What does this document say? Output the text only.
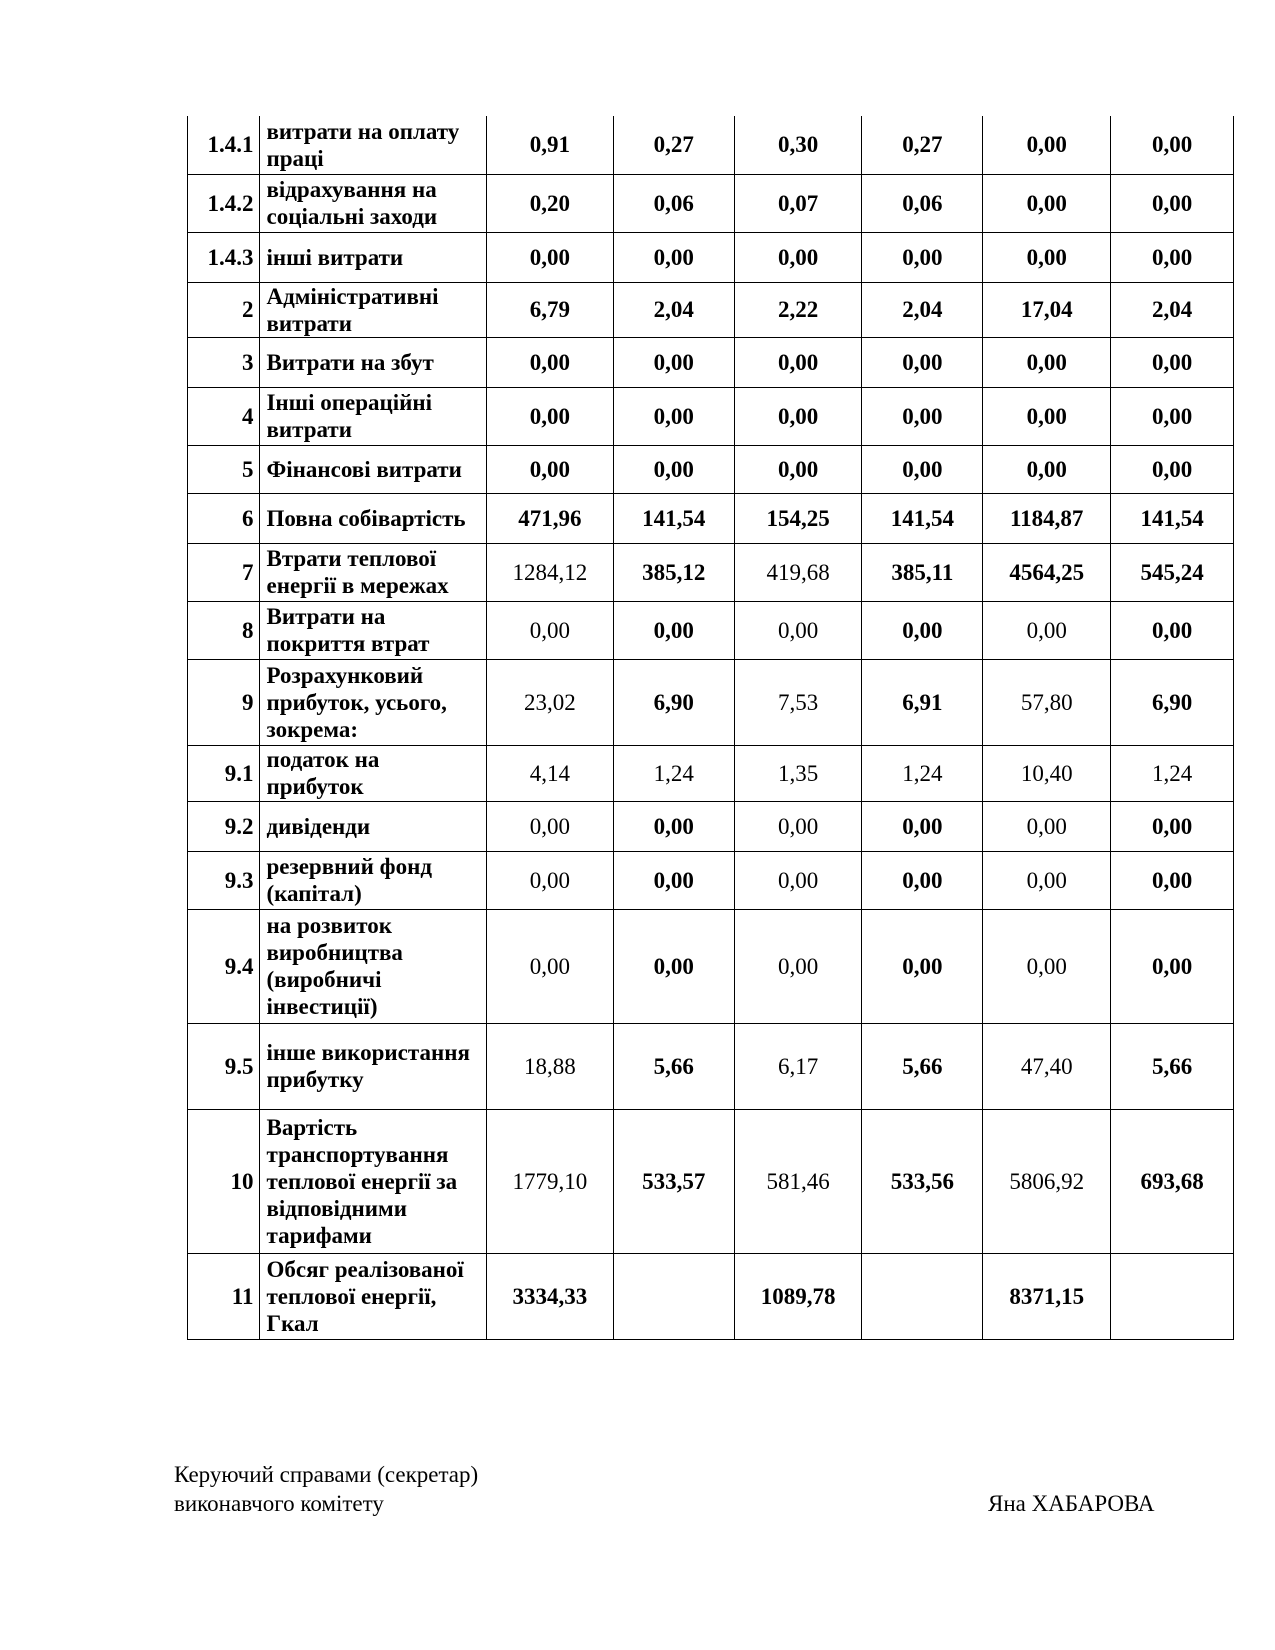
1.4.1	витрати на оплату праці	0,91	0,27	0,30	0,27	0,00	0,00
1.4.2	відрахування на соціальні заходи	0,20	0,06	0,07	0,06	0,00	0,00
1.4.3	інші витрати	0,00	0,00	0,00	0,00	0,00	0,00
2	Адміністративні витрати	6,79	2,04	2,22	2,04	17,04	2,04
3	Витрати на збут	0,00	0,00	0,00	0,00	0,00	0,00
4	Інші операційні витрати	0,00	0,00	0,00	0,00	0,00	0,00
5	Фінансові витрати	0,00	0,00	0,00	0,00	0,00	0,00
6	Повна собівартість	471,96	141,54	154,25	141,54	1184,87	141,54
7	Втрати теплової енергії в мережах	1284,12	385,12	419,68	385,11	4564,25	545,24
8	Витрати на покриття втрат	0,00	0,00	0,00	0,00	0,00	0,00
9	Розрахунковий прибуток, усього, зокрема:	23,02	6,90	7,53	6,91	57,80	6,90
9.1	податок на прибуток	4,14	1,24	1,35	1,24	10,40	1,24
9.2	дивіденди	0,00	0,00	0,00	0,00	0,00	0,00
9.3	резервний фонд (капітал)	0,00	0,00	0,00	0,00	0,00	0,00
9.4	на розвиток виробництва (виробничі інвестиції)	0,00	0,00	0,00	0,00	0,00	0,00
9.5	інше використання прибутку	18,88	5,66	6,17	5,66	47,40	5,66
10	Вартість транспортування теплової енергії за відповідними тарифами	1779,10	533,57	581,46	533,56	5806,92	693,68
11	Обсяг реалізованої теплової енергії, Гкал	3334,33		1089,78		8371,15	
Керуючий справами (секретар)
виконавчого комітету	Яна ХАБАРОВА
